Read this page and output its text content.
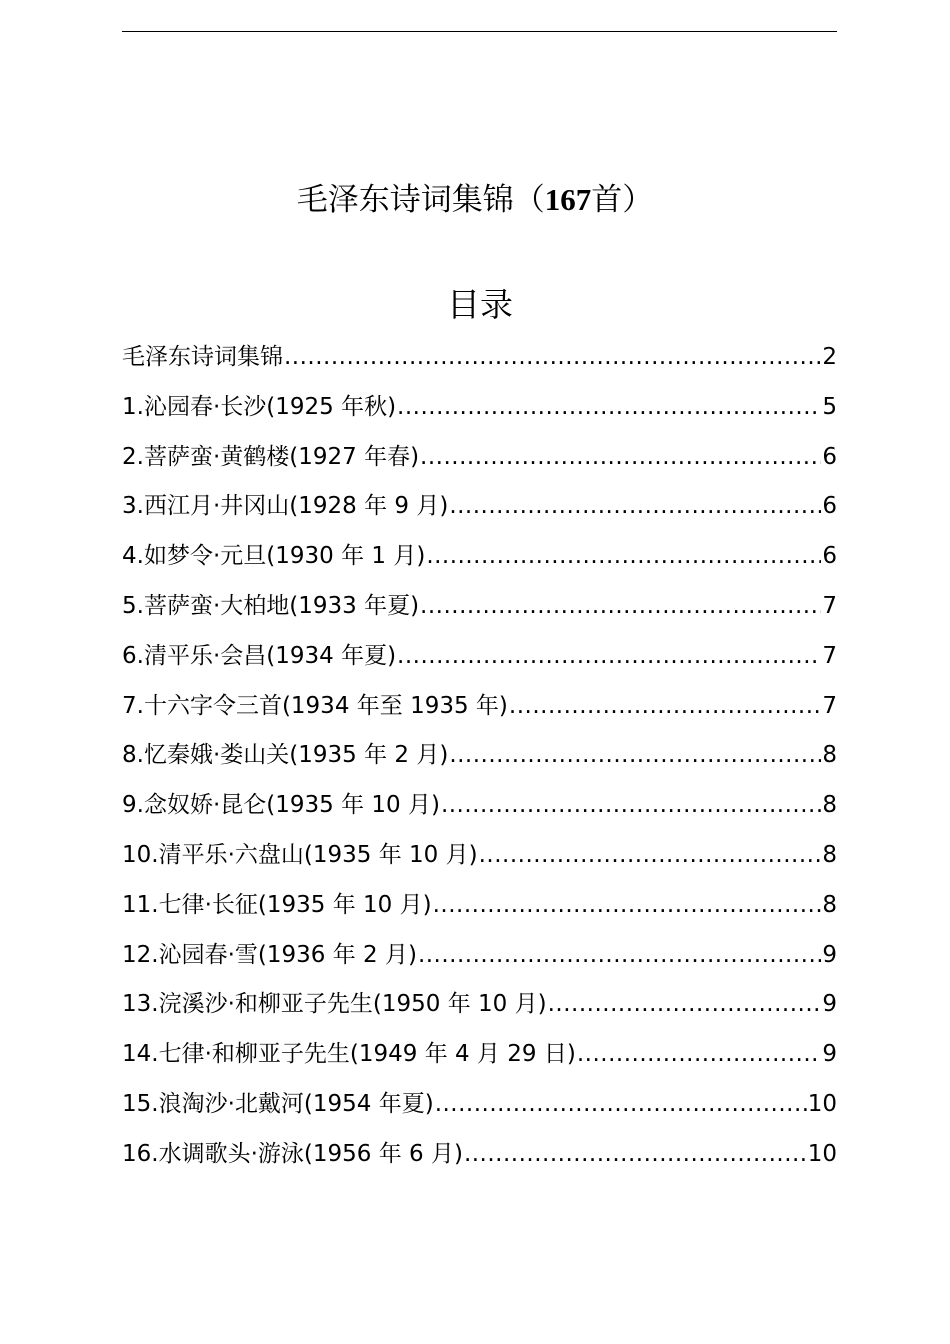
毛泽东诗词集锦（167首）
目录
毛泽东诗词集锦 .....	2
1.沁园春·长沙(1925 年秋) .....	5
2.菩萨蛮·黄鹤楼(1927 年春) .....	6
3.西江月·井冈山(1928 年 9 月) .....	6
4.如梦令·元旦(1930 年 1 月) .....	6
5.菩萨蛮·大柏地(1933 年夏) .....	7
6.清平乐·会昌(1934 年夏) .....	7
7.十六字令三首(1934 年至 1935 年) .....	7
8.忆秦娥·娄山关(1935 年 2 月) .....	8
9.念奴娇·昆仑(1935 年 10 月) .....	8
10.清平乐·六盘山(1935 年 10 月) .....	8
11.七律·长征(1935 年 10 月) .....	8
12.沁园春·雪(1936 年 2 月) .....	9
13.浣溪沙·和柳亚子先生(1950 年 10 月) .....	9
14.七律·和柳亚子先生(1949 年 4 月 29 日) .....	9
15.浪淘沙·北戴河(1954 年夏) .....	10
16.水调歌头·游泳(1956 年 6 月) .....	10
